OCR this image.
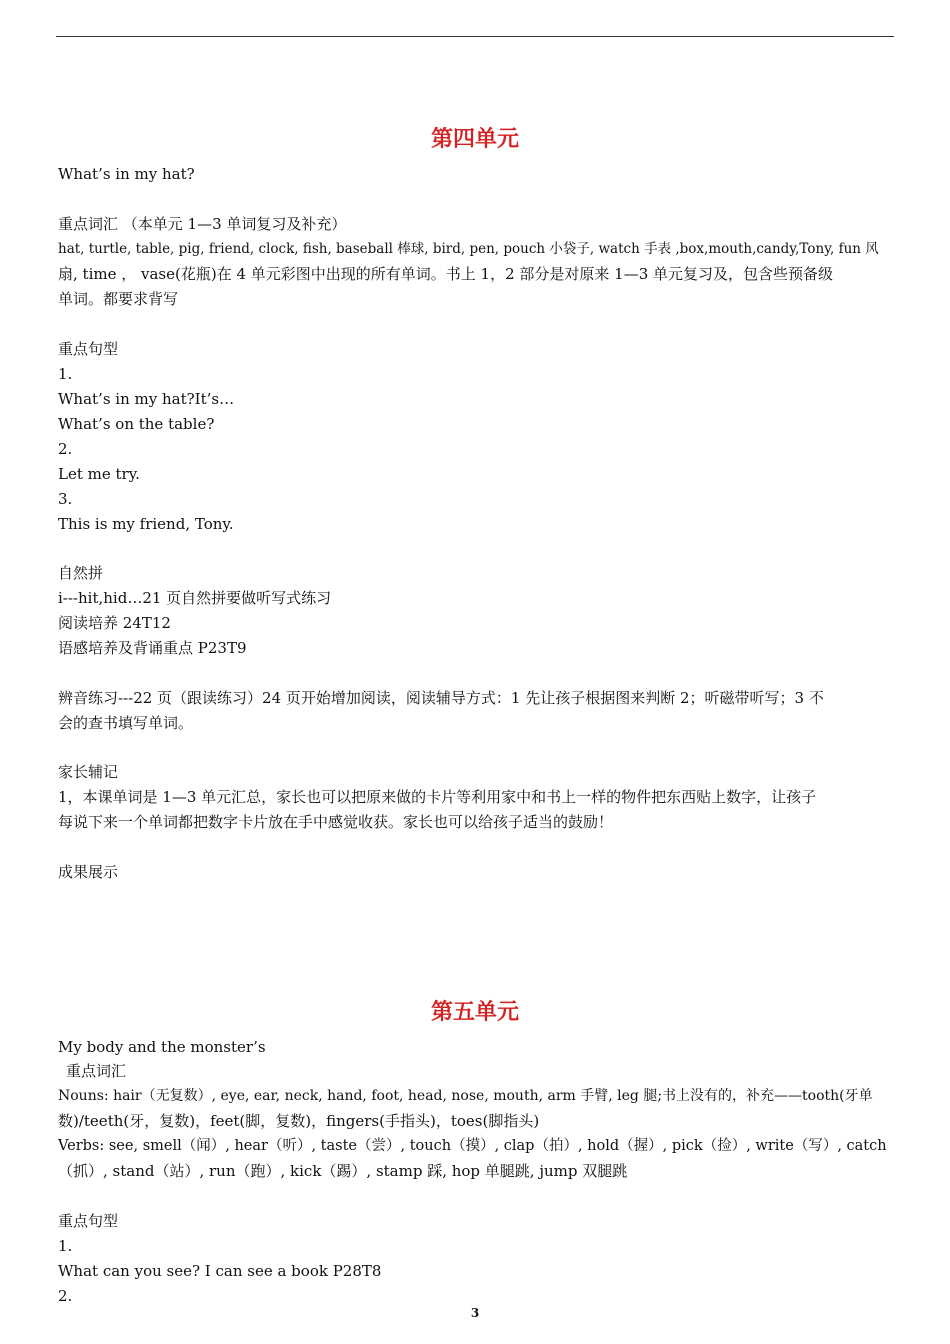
第四单元
What’s in my hat?
重点词汇 （本单元 1—3 单词复习及补充）
hat, turtle, table, pig, friend, clock, fish, baseball 棒球, bird, pen, pouch 小袋子, watch 手表 ,box,mouth,candy,Tony, fun 风
扇, time ， vase(花瓶)在 4 单元彩图中出现的所有单词。书上 1，2 部分是对原来 1—3 单元复习及，包含些预备级
单词。都要求背写
重点句型
1.
What’s in my hat?It’s…
What’s on the table?
2.
Let me try.
3.
This is my friend, Tony.
自然拼
i---hit,hid…21 页自然拼要做听写式练习
阅读培养 24T12
语感培养及背诵重点 P23T9
辨音练习---22 页（跟读练习）24 页开始增加阅读，阅读辅导方式：1 先让孩子根据图来判断 2；听磁带听写；3 不
会的查书填写单词。
家长辅记
1，本课单词是 1—3 单元汇总，家长也可以把原来做的卡片等利用家中和书上一样的物件把东西贴上数字，让孩子
每说下来一个单词都把数字卡片放在手中感觉收获。家长也可以给孩子适当的鼓励！
成果展示
第五单元
My body and the monster’s
重点词汇
Nouns: hair（无复数）, eye, ear, neck, hand, foot, head, nose, mouth, arm 手臂, leg 腿;书上没有的，补充——tooth(牙单
数)/teeth(牙，复数)，feet(脚，复数)，fingers(手指头)，toes(脚指头)
Verbs: see, smell（闻）, hear（听）, taste（尝）, touch（摸）, clap（拍）, hold（握）, pick（捡）, write（写）, catch
（抓）, stand（站）, run（跑）, kick（踢）, stamp 踩, hop 单腿跳, jump 双腿跳
重点句型
1.
What can you see? I can see a book P28T8
2.
3
